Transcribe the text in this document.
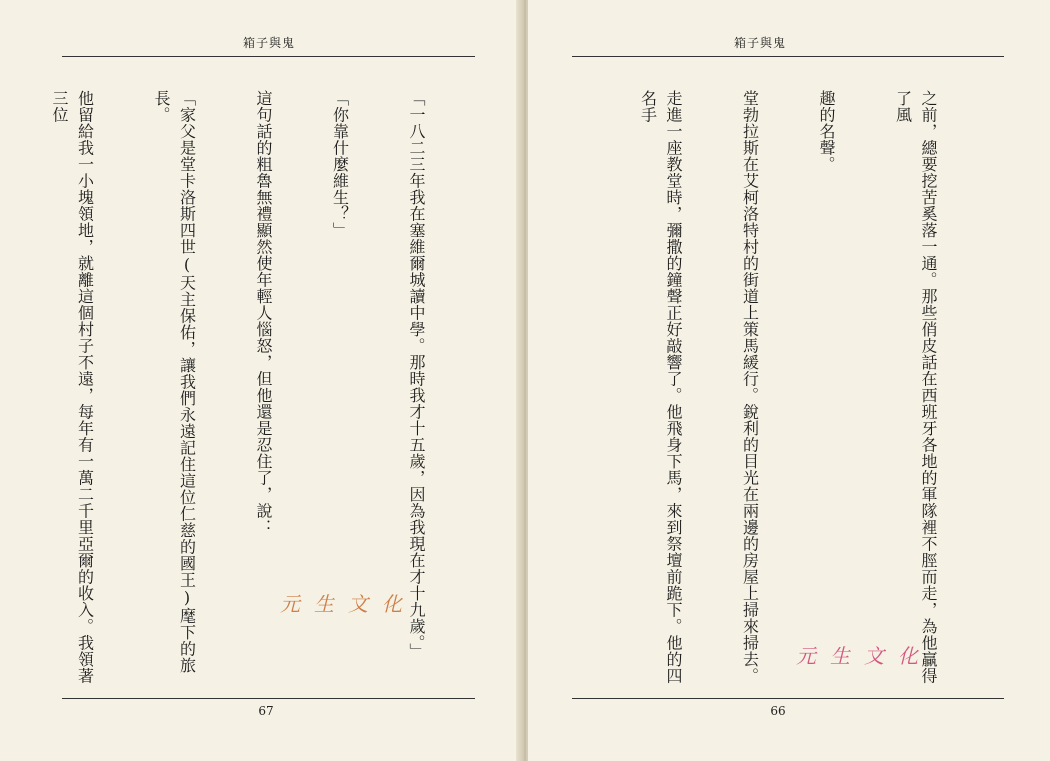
箱子與鬼

「一八二三年我在塞維爾城讀中學。那時我才十五歲，因為我現在才十九歲。」

「你靠什麼維生？」

這句話的粗魯無禮顯然使年輕人惱怒，但他還是忍住了，說：

「家父是堂卡洛斯四世(天主保佑，讓我們永遠記住這位仁慈的國王)麾下的旅長。

他留給我一小塊領地，就離這個村子不遠，每年有一萬二千里亞爾的收入。我領著三位

元生文化
67
箱子與鬼

之前，總要挖苦奚落一通。那些俏皮話在西班牙各地的軍隊裡不脛而走，為他贏得了風

趣的名聲。

堂勃拉斯在艾柯洛特村的街道上策馬緩行。銳利的目光在兩邊的房屋上掃來掃去。

走進一座教堂時，彌撒的鐘聲正好敲響了。他飛身下馬，來到祭壇前跪下。他的四名手

元生文化
66
